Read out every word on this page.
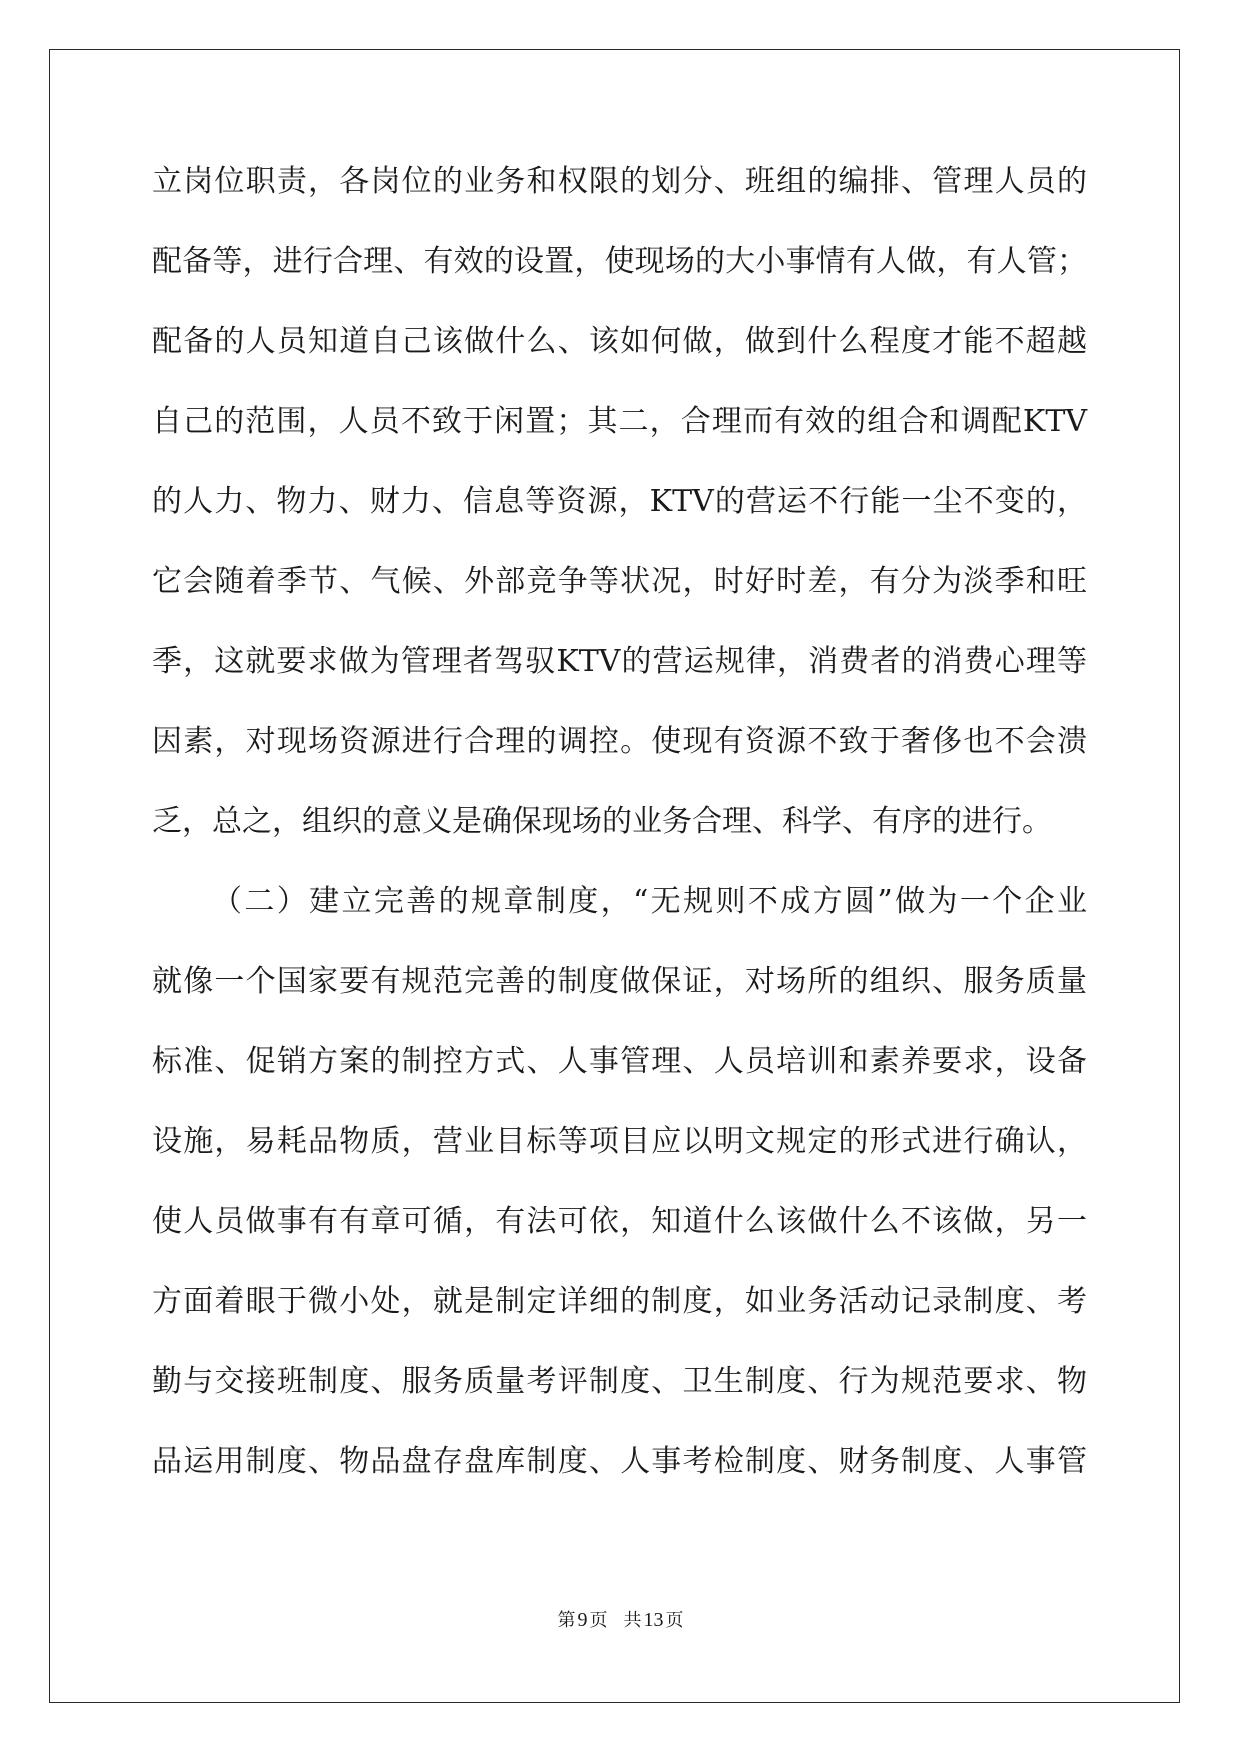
立岗位职责，各岗位的业务和权限的划分、班组的编排、管理人员的
配备等，进行合理、有效的设置，使现场的大小事情有人做，有人管；
配备的人员知道自己该做什么、该如何做，做到什么程度才能不超越
自己的范围，人员不致于闲置；其二，合理而有效的组合和调配KTV
的人力、物力、财力、信息等资源，KTV的营运不行能一尘不变的，
它会随着季节、气候、外部竞争等状况，时好时差，有分为淡季和旺
季，这就要求做为管理者驾驭KTV的营运规律，消费者的消费心理等
因素，对现场资源进行合理的调控。使现有资源不致于奢侈也不会溃
乏，总之，组织的意义是确保现场的业务合理、科学、有序的进行。
（二）建立完善的规章制度，“无规则不成方圆”做为一个企业
就像一个国家要有规范完善的制度做保证，对场所的组织、服务质量
标准、促销方案的制控方式、人事管理、人员培训和素养要求，设备
设施，易耗品物质，营业目标等项目应以明文规定的形式进行确认，
使人员做事有有章可循，有法可依，知道什么该做什么不该做，另一
方面着眼于微小处，就是制定详细的制度，如业务活动记录制度、考
勤与交接班制度、服务质量考评制度、卫生制度、行为规范要求、物
品运用制度、物品盘存盘库制度、人事考检制度、财务制度、人事管
第 9 页 共 13 页
